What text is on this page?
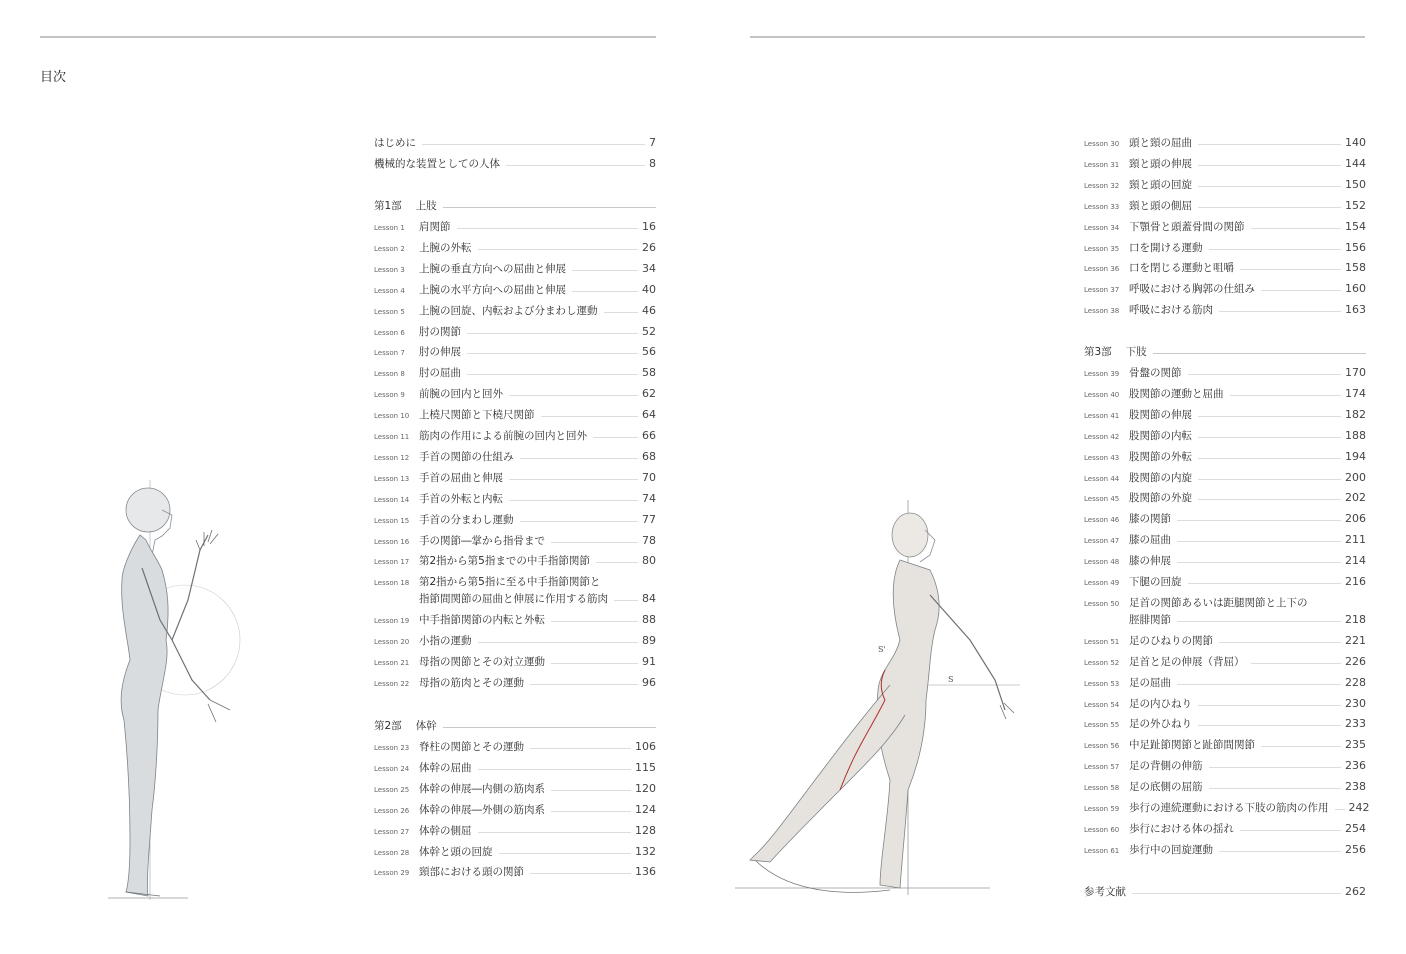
目次
S'
S
はじめに	7
機械的な装置としての人体	8
第1部 上肢
Lesson 1	肩関節	16
Lesson 2	上腕の外転	26
Lesson 3	上腕の垂直方向への屈曲と伸展	34
Lesson 4	上腕の水平方向への屈曲と伸展	40
Lesson 5	上腕の回旋、内転および分まわし運動	46
Lesson 6	肘の関節	52
Lesson 7	肘の伸展	56
Lesson 8	肘の屈曲	58
Lesson 9	前腕の回内と回外	62
Lesson 10 上橈尺関節と下橈尺関節	64
Lesson 11 筋肉の作用による前腕の回内と回外	66
Lesson 12 手首の関節の仕組み	68
Lesson 13 手首の屈曲と伸展	70
Lesson 14 手首の外転と内転	74
Lesson 15 手首の分まわし運動	77
Lesson 16 手の関節―掌から指骨まで	78
Lesson 17 第2指から第5指までの中手指節関節	80
Lesson 18 第2指から第5指に至る中手指節関節と
指節間関節の屈曲と伸展に作用する筋肉	84
Lesson 19 中手指節関節の内転と外転	88
Lesson 20 小指の運動	89
Lesson 21 母指の関節とその対立運動	91
Lesson 22 母指の筋肉とその運動	96
第2部 体幹
Lesson 23 脊柱の関節とその運動	106
Lesson 24 体幹の屈曲	115
Lesson 25 体幹の伸展―内側の筋肉系	120
Lesson 26 体幹の伸展―外側の筋肉系	124
Lesson 27 体幹の側屈	128
Lesson 28 体幹と頭の回旋	132
Lesson 29 頸部における頭の関節	136
Lesson 30 頭と頸の屈曲	140
Lesson 31 頸と頭の伸展	144
Lesson 32 頸と頭の回旋	150
Lesson 33 頸と頭の側屈	152
Lesson 34 下顎骨と頭蓋骨間の関節	154
Lesson 35 口を開ける運動	156
Lesson 36 口を閉じる運動と咀嚼	158
Lesson 37 呼吸における胸郭の仕組み	160
Lesson 38 呼吸における筋肉	163
第3部 下肢
Lesson 39 骨盤の関節	170
Lesson 40 股関節の運動と屈曲	174
Lesson 41 股関節の伸展	182
Lesson 42 股関節の内転	188
Lesson 43 股関節の外転	194
Lesson 44 股関節の内旋	200
Lesson 45 股関節の外旋	202
Lesson 46 膝の関節	206
Lesson 47 膝の屈曲	211
Lesson 48 膝の伸展	214
Lesson 49 下腿の回旋	216
Lesson 50 足首の関節あるいは距腿関節と上下の
脛腓関節	218
Lesson 51 足のひねりの関節	221
Lesson 52 足首と足の伸展（背屈）	226
Lesson 53 足の屈曲	228
Lesson 54 足の内ひねり	230
Lesson 55 足の外ひねり	233
Lesson 56 中足趾節関節と趾節間関節	235
Lesson 57 足の背側の伸筋	236
Lesson 58 足の底側の屈筋	238
Lesson 59 歩行の連続運動における下肢の筋肉の作用 242
Lesson 60 歩行における体の揺れ	254
Lesson 61 歩行中の回旋運動	256
参考文献	262
